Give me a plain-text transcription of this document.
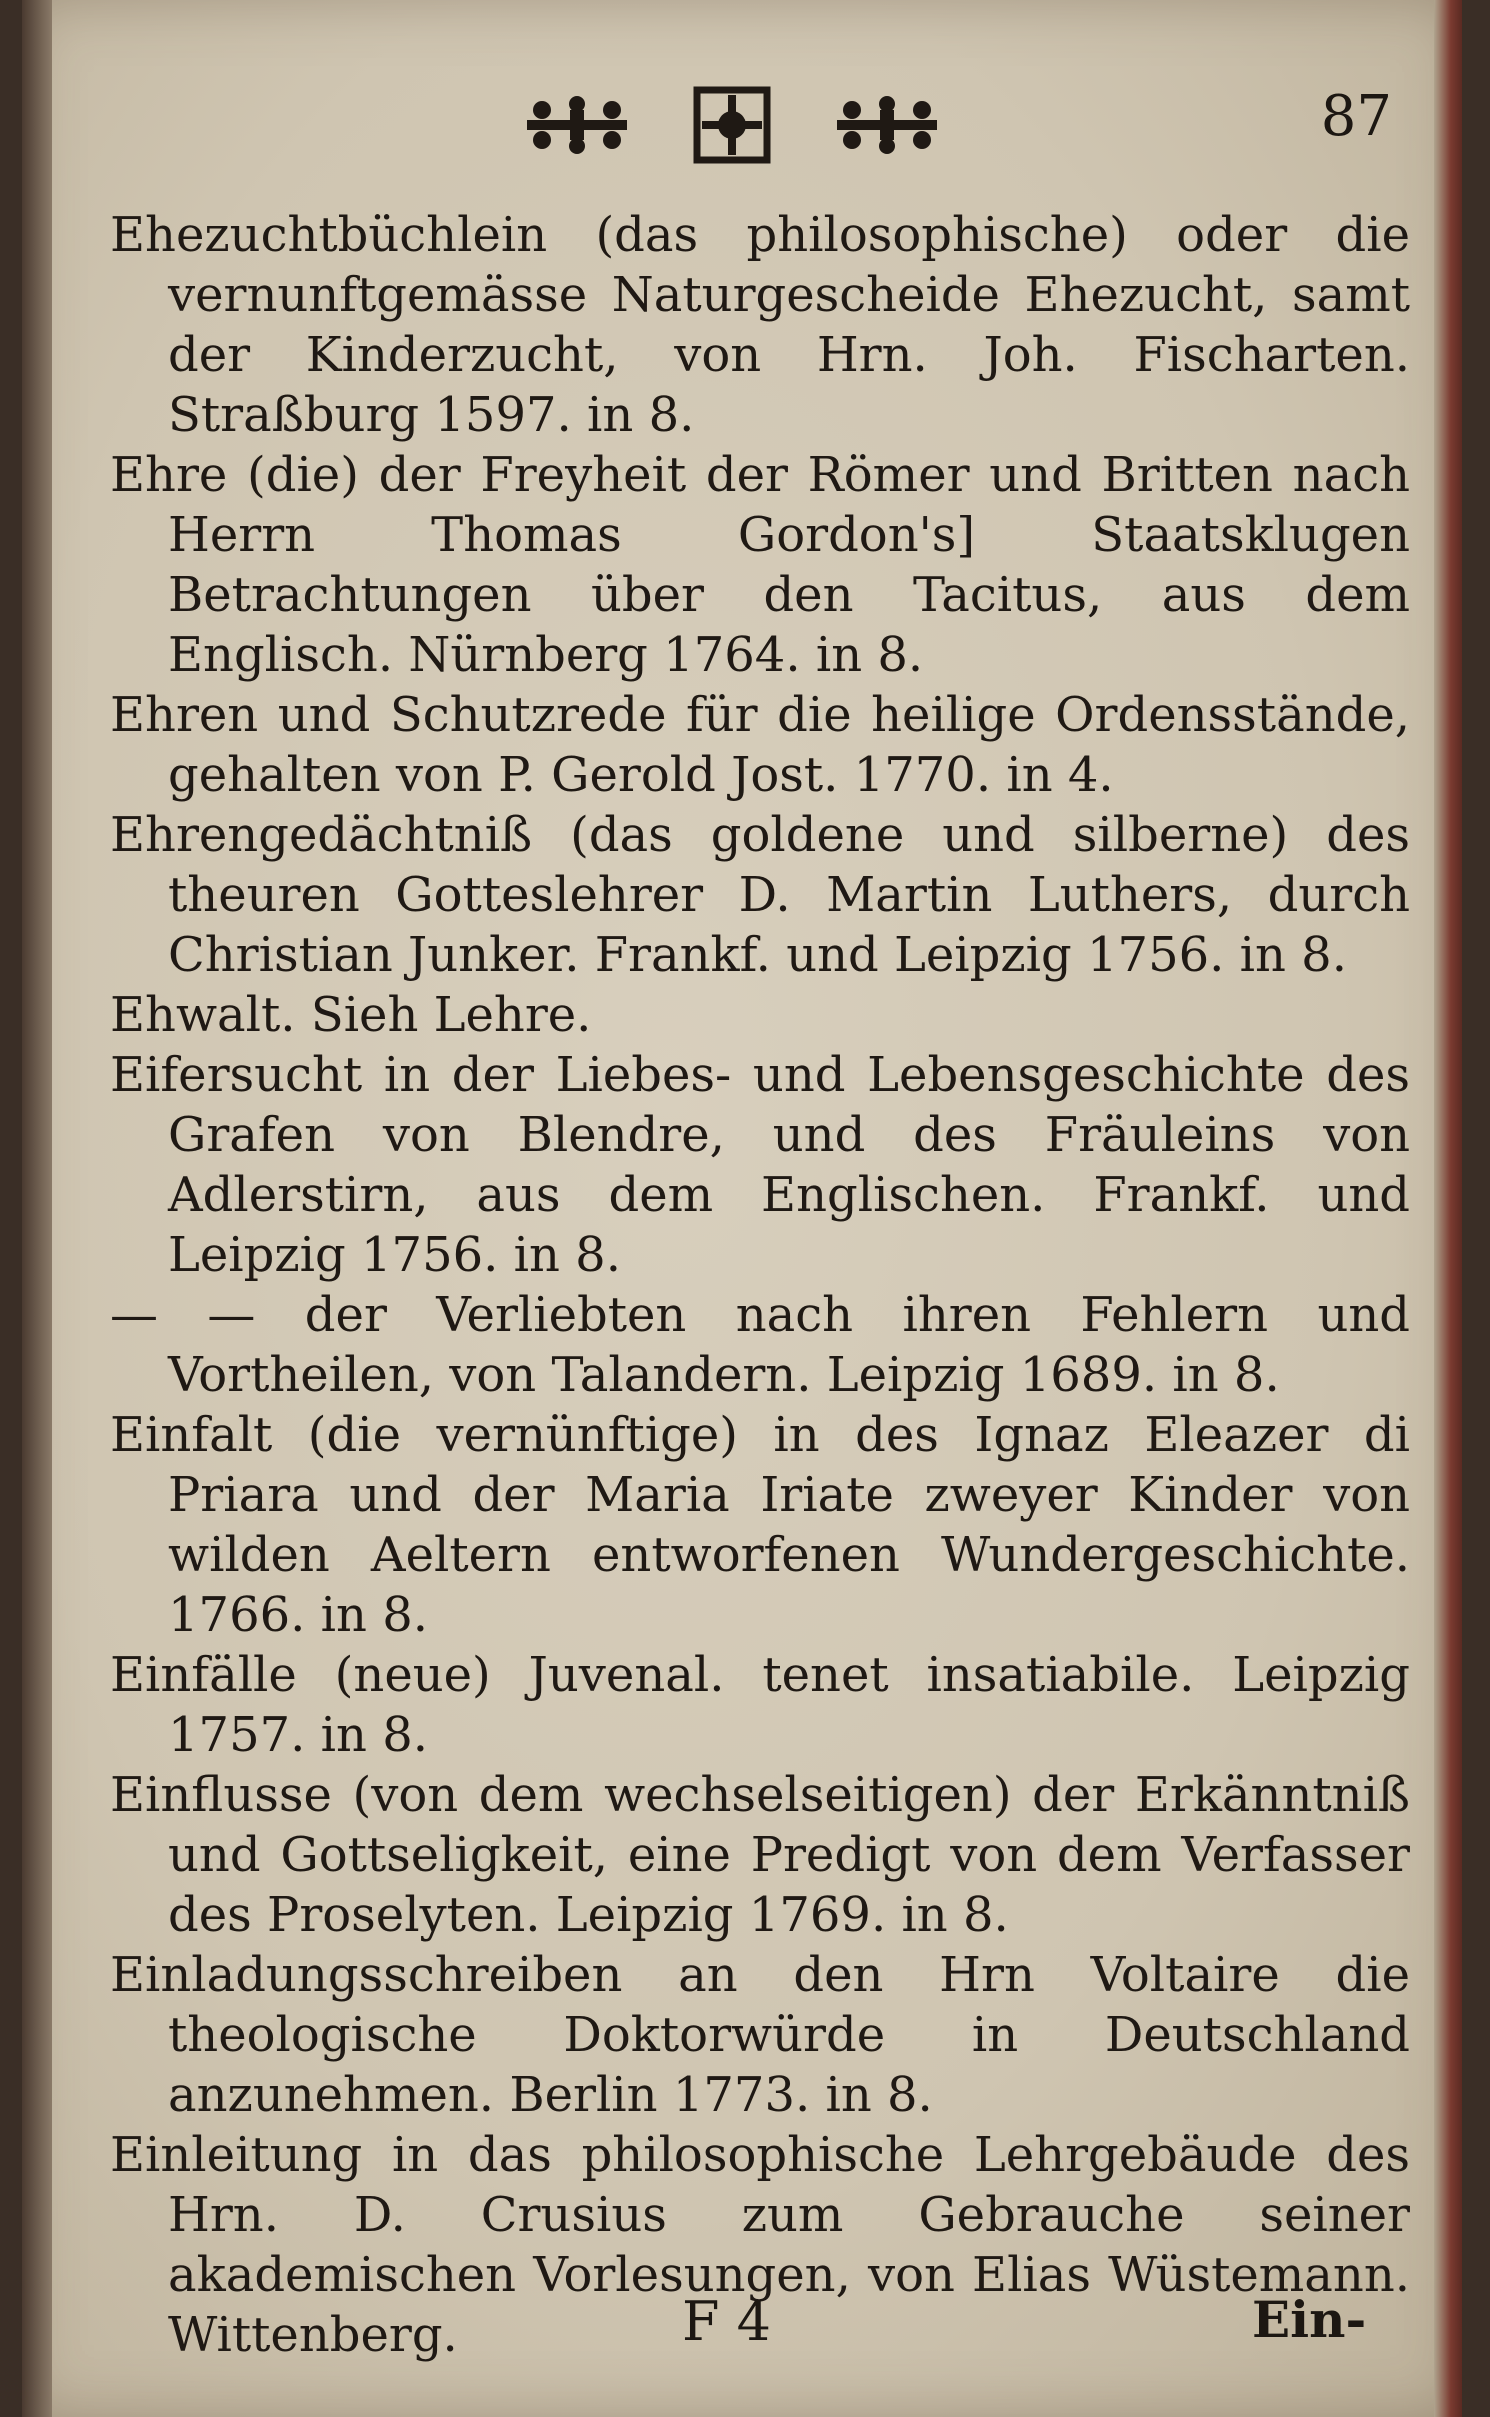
87

Ehezuchtbüchlein (das philosophische) oder die vernunftgemässe Naturgescheide Ehezucht, samt der Kinderzucht, von Hrn. Joh. Fischarten. Straßburg 1597. in 8.

Ehre (die) der Freyheit der Römer und Britten nach Herrn Thomas Gordon's] Staatsklugen Betrachtungen über den Tacitus, aus dem Englisch. Nürnberg 1764. in 8.

Ehren und Schutzrede für die heilige Ordensstände, gehalten von P. Gerold Jost. 1770. in 4.

Ehrengedächtniß (das goldene und silberne) des theuren Gotteslehrer D. Martin Luthers, durch Christian Junker. Frankf. und Leipzig 1756. in 8.

Ehwalt. Sieh Lehre.

Eifersucht in der Liebes- und Lebensgeschichte des Grafen von Blendre, und des Fräuleins von Adlerstirn, aus dem Englischen. Frankf. und Leipzig 1756. in 8.

— — der Verliebten nach ihren Fehlern und Vortheilen, von Talandern. Leipzig 1689. in 8.

Einfalt (die vernünftige) in des Ignaz Eleazer di Priara und der Maria Iriate zweyer Kinder von wilden Aeltern entworfenen Wundergeschichte. 1766. in 8.

Einfälle (neue) Juvenal. tenet insatiabile. Leipzig 1757. in 8.

Einflusse (von dem wechselseitigen) der Erkänntniß und Gottseligkeit, eine Predigt von dem Verfasser des Proselyten. Leipzig 1769. in 8.

Einladungsschreiben an den Hrn Voltaire die theologische Doktorwürde in Deutschland anzunehmen. Berlin 1773. in 8.

Einleitung in das philosophische Lehrgebäude des Hrn. D. Crusius zum Gebrauche seiner akademischen Vorlesungen, von Elias Wüstemann. Wittenberg.	F 4	Ein-
